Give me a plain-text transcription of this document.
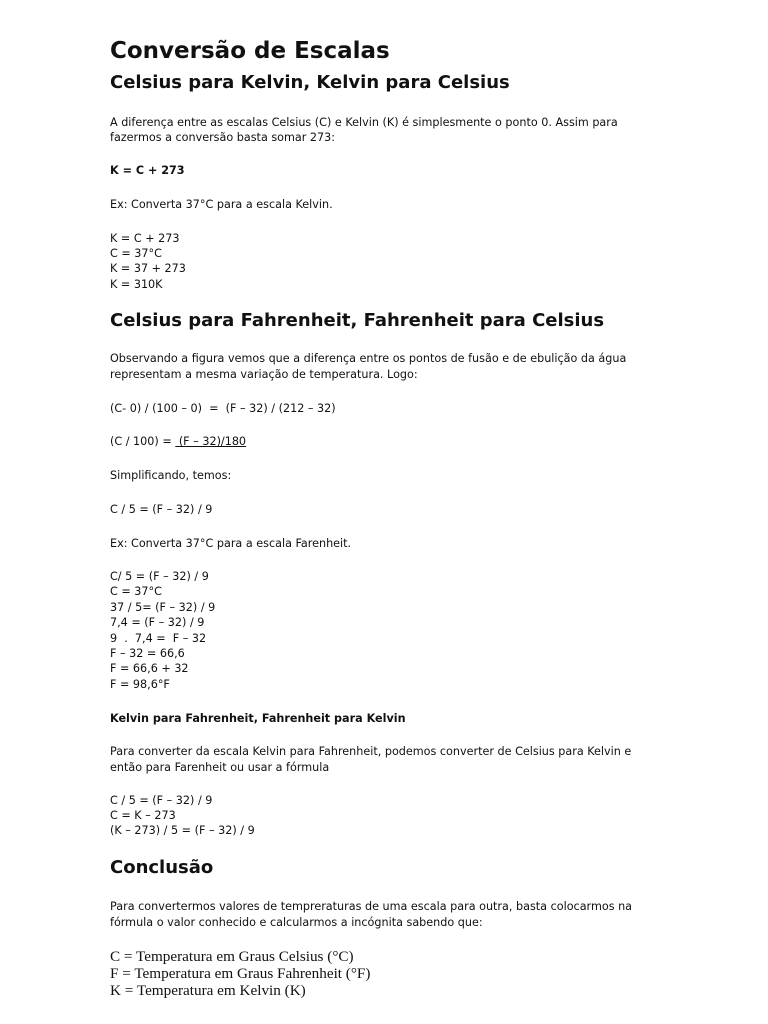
Conversão de Escalas
Celsius para Kelvin, Kelvin para Celsius
A diferença entre as escalas Celsius (C) e Kelvin (K) é simplesmente o ponto 0. Assim para
fazermos a conversão basta somar 273:
K = C + 273
Ex: Converta 37°C para a escala Kelvin.
K = C + 273
C = 37°C
K = 37 + 273
K = 310K
Celsius para Fahrenheit, Fahrenheit para Celsius
Observando a figura vemos que a diferença entre os pontos de fusão e de ebulição da água
representam a mesma variação de temperatura. Logo:
(C- 0) / (100 – 0)  =  (F – 32) / (212 – 32)
(C / 100) =  (F – 32)/180
Simplificando, temos:
C / 5 = (F – 32) / 9
Ex: Converta 37°C para a escala Farenheit.
C/ 5 = (F – 32) / 9
C = 37°C
37 / 5= (F – 32) / 9
7,4 = (F – 32) / 9
9  .  7,4 =  F – 32
F – 32 = 66,6
F = 66,6 + 32
F = 98,6°F
Kelvin para Fahrenheit, Fahrenheit para Kelvin
Para converter da escala Kelvin para Fahrenheit, podemos converter de Celsius para Kelvin e
então para Farenheit ou usar a fórmula
C / 5 = (F – 32) / 9
C = K – 273
(K – 273) / 5 = (F – 32) / 9
Conclusão
Para convertermos valores de tempreraturas de uma escala para outra, basta colocarmos na
fórmula o valor conhecido e calcularmos a incógnita sabendo que:
C = Temperatura em Graus Celsius (°C)
F = Temperatura em Graus Fahrenheit (°F)
K = Temperatura em Kelvin (K)
